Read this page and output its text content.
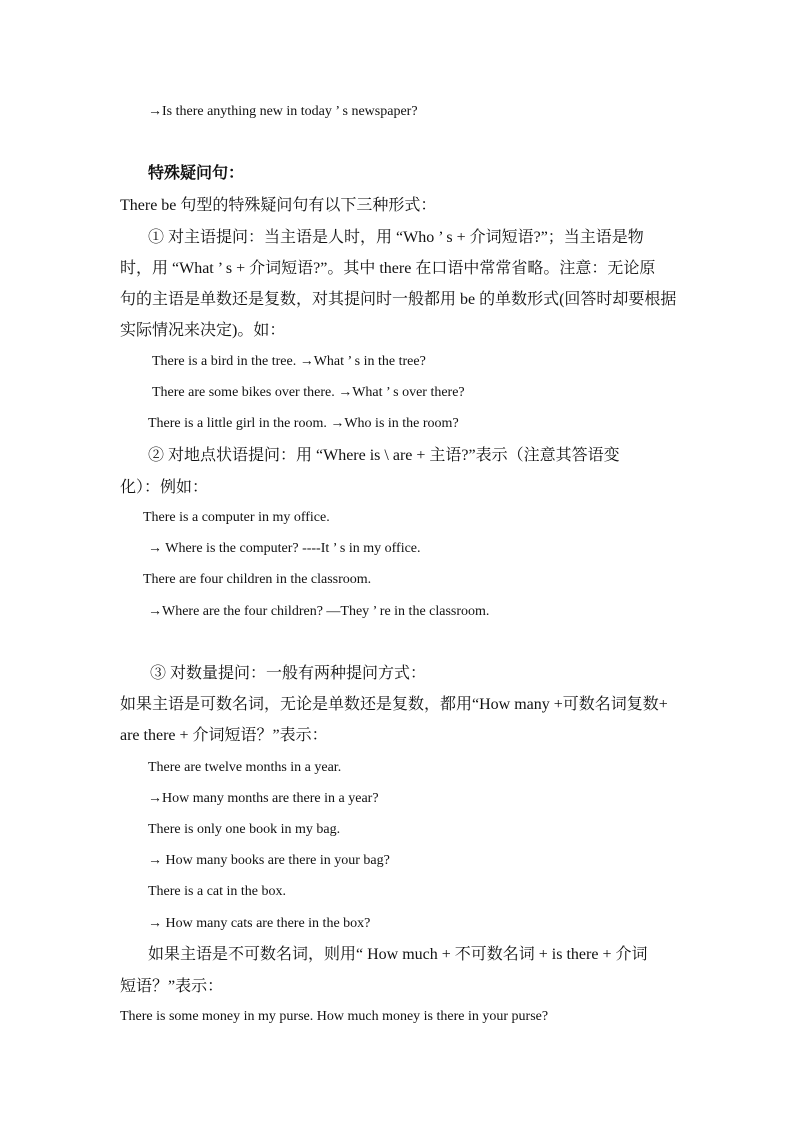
→Is there anything new in today ’ s newspaper?
特殊疑问句：
There be 句型的特殊疑问句有以下三种形式：
① 对主语提问：当主语是人时，用 “Who ’ s + 介词短语?”；当主语是物
时，用 “What ’ s + 介词短语?”。其中 there 在口语中常常省略。注意：无论原
句的主语是单数还是复数，对其提问时一般都用 be 的单数形式(回答时却要根据
实际情况来决定)。如：
There is a bird in the tree. →What ’ s in the tree?
There are some bikes over there. →What ’ s over there?
There is a little girl in the room. →Who is in the room?
② 对地点状语提问：用 “Where is \ are + 主语?”表示（注意其答语变
化）：例如：
There is a computer in my office.
→ Where is the computer? ----It ’ s in my office.
There are four children in the classroom.
→Where are the four children? —They ’ re in the classroom.
③ 对数量提问：一般有两种提问方式：
如果主语是可数名词，无论是单数还是复数，都用“How many +可数名词复数+
are there + 介词短语？”表示：
There are twelve months in a year.
→How many months are there in a year?
There is only one book in my bag.
→ How many books are there in your bag?
There is a cat in the box.
→ How many cats are there in the box?
如果主语是不可数名词，则用“ How much + 不可数名词 + is there + 介词
短语？”表示：
There is some money in my purse. How much money is there in your purse?
